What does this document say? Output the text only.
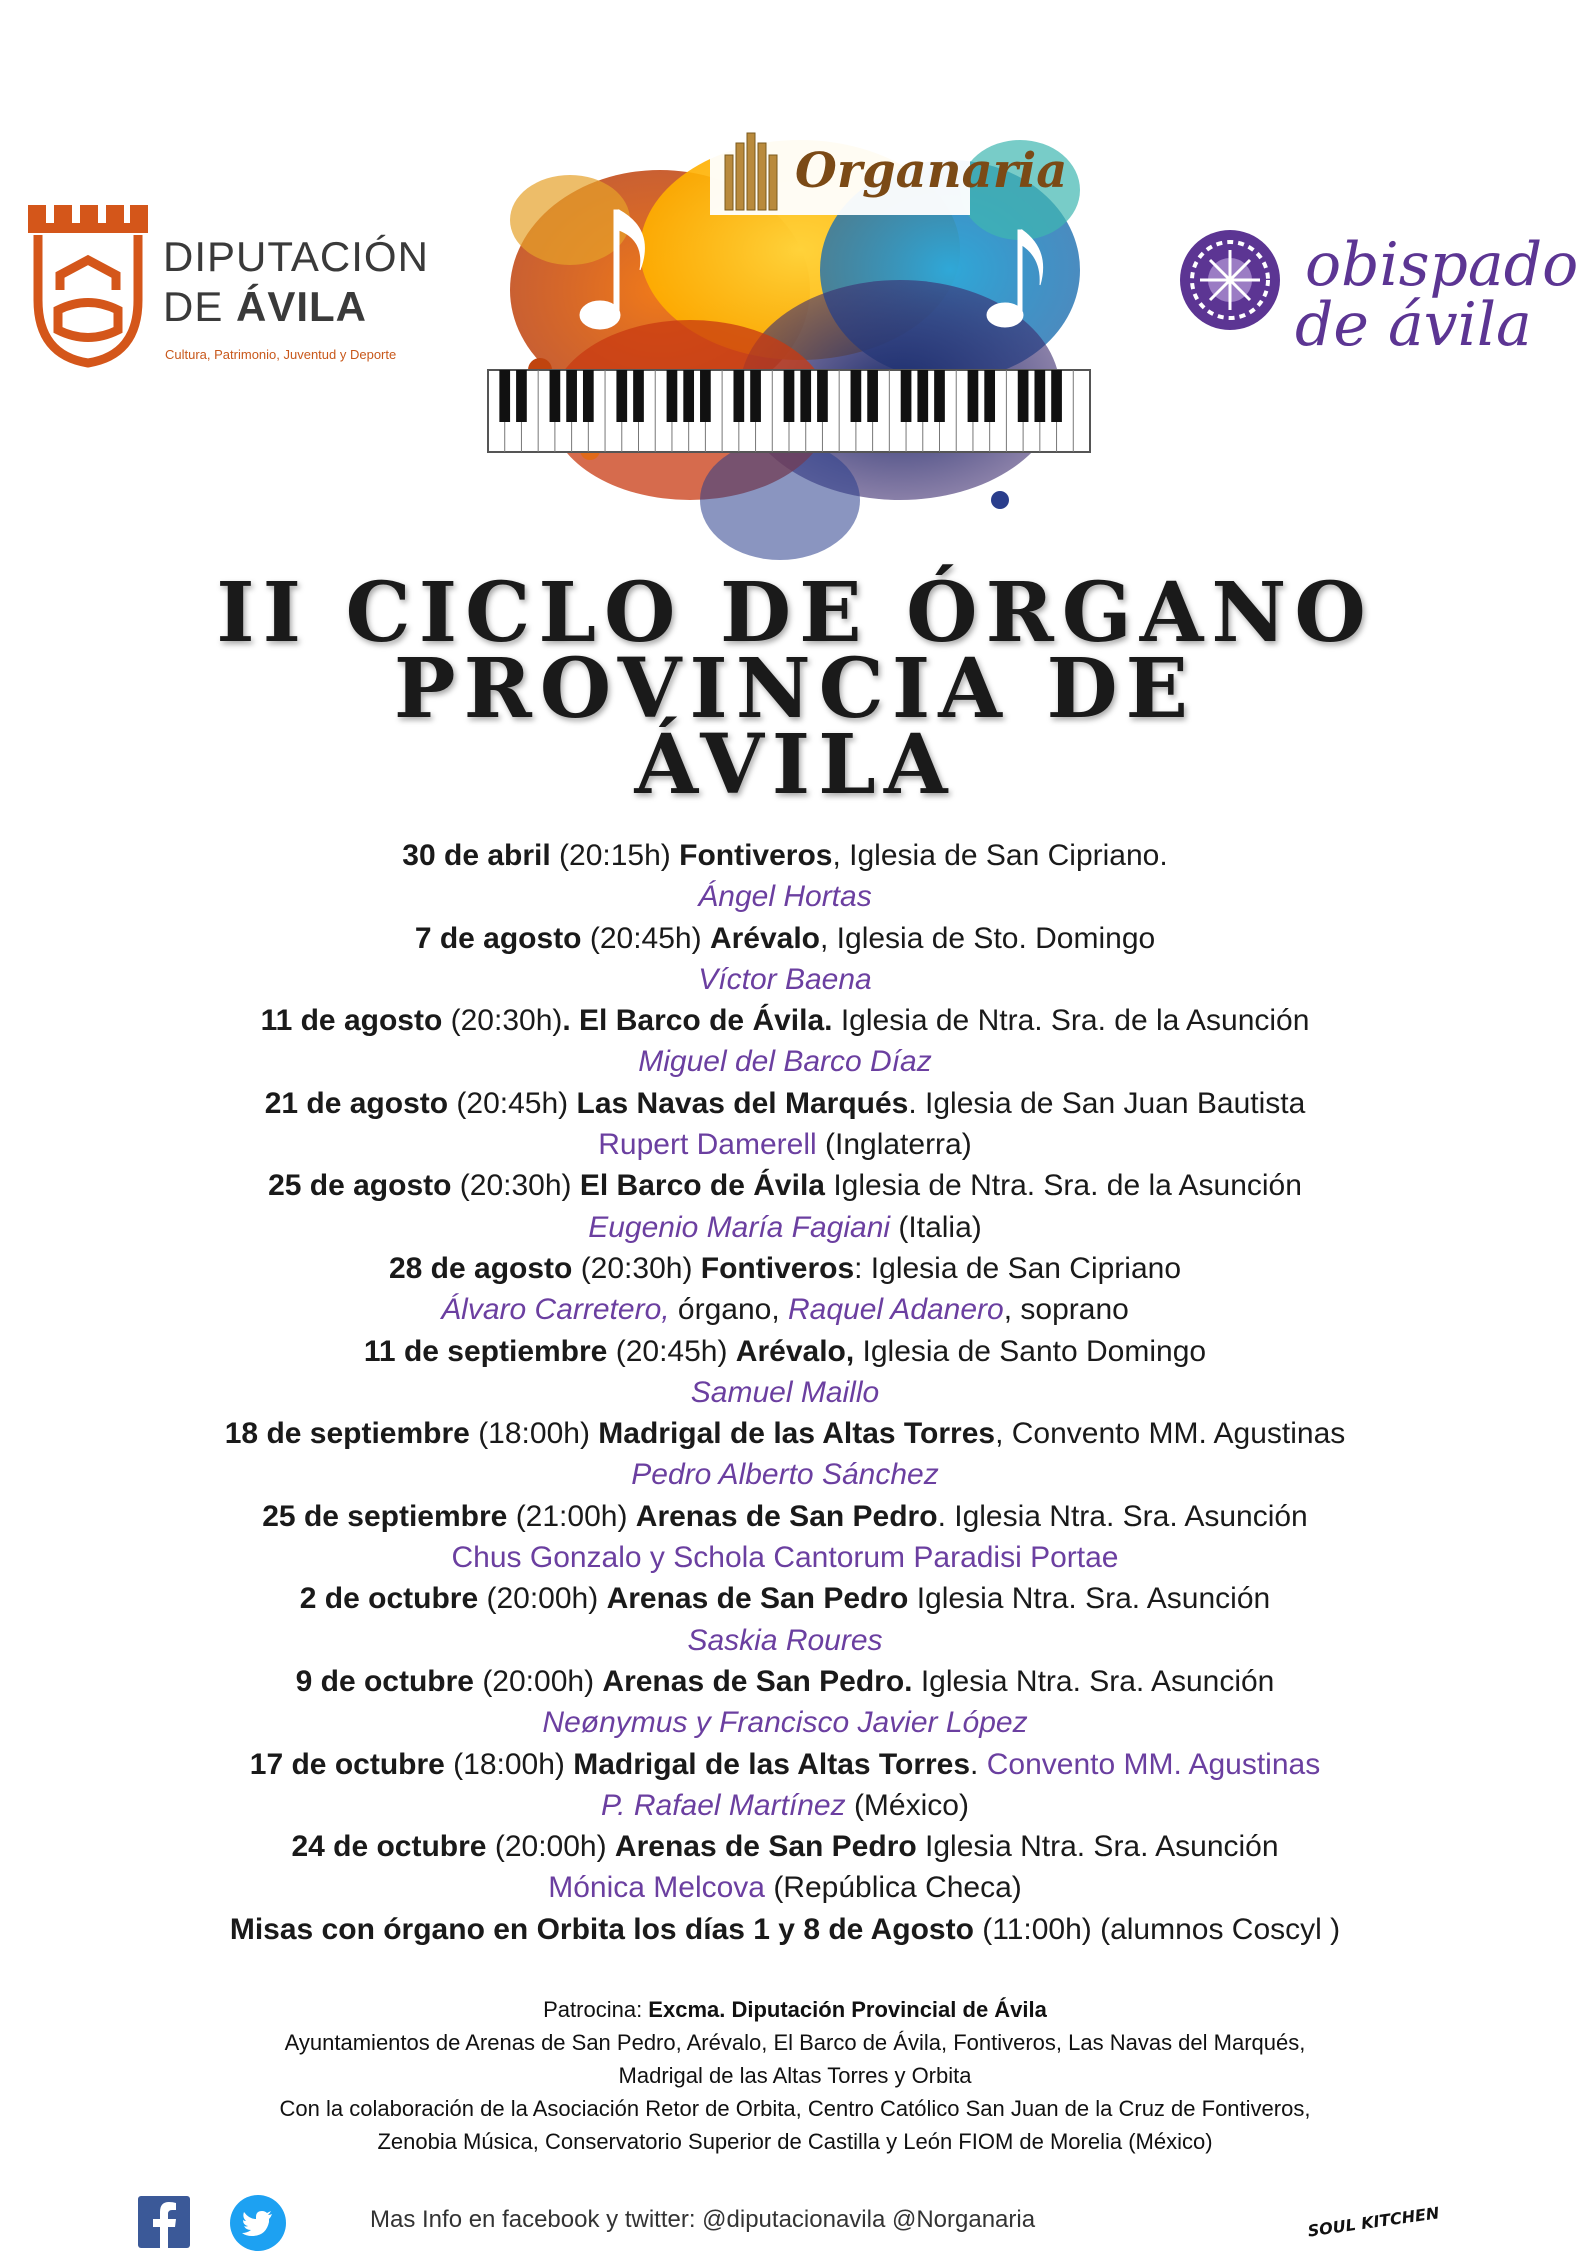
DIPUTACIÓN
DE ÁVILA
Cultura, Patrimonio, Juventud y Deporte
obispado
de ávila
Organaria
II CICLO DE ÓRGANO
PROVINCIA DE
ÁVILA
30 de abril (20:15h) Fontiveros, Iglesia de San Cipriano.
Ángel Hortas
7 de agosto (20:45h) Arévalo, Iglesia de Sto. Domingo
Víctor Baena
11 de agosto (20:30h). El Barco de Ávila. Iglesia de Ntra. Sra. de la Asunción
Miguel del Barco Díaz
21 de agosto (20:45h) Las Navas del Marqués. Iglesia de San Juan Bautista
Rupert Damerell (Inglaterra)
25 de agosto (20:30h) El Barco de Ávila Iglesia de Ntra. Sra. de la Asunción
Eugenio María Fagiani (Italia)
28 de agosto (20:30h) Fontiveros: Iglesia de San Cipriano
Álvaro Carretero, órgano, Raquel Adanero, soprano
11 de septiembre (20:45h) Arévalo, Iglesia de Santo Domingo
Samuel Maillo
18 de septiembre (18:00h) Madrigal de las Altas Torres, Convento MM. Agustinas
Pedro Alberto Sánchez
25 de septiembre (21:00h) Arenas de San Pedro. Iglesia Ntra. Sra. Asunción
Chus Gonzalo y Schola Cantorum Paradisi Portae
2 de octubre (20:00h) Arenas de San Pedro Iglesia Ntra. Sra. Asunción
Saskia Roures
9 de octubre (20:00h) Arenas de San Pedro. Iglesia Ntra. Sra. Asunción
Neønymus y Francisco Javier López
17 de octubre (18:00h) Madrigal de las Altas Torres. Convento MM. Agustinas
P. Rafael Martínez (México)
24 de octubre (20:00h) Arenas de San Pedro Iglesia Ntra. Sra. Asunción
Mónica Melcova (República Checa)
Misas con órgano en Orbita los días 1 y 8 de Agosto (11:00h) (alumnos Coscyl )
Patrocina: Excma. Diputación Provincial de Ávila
Ayuntamientos de Arenas de San Pedro, Arévalo, El Barco de Ávila, Fontiveros, Las Navas del Marqués,
Madrigal de las Altas Torres y Orbita
Con la colaboración de la Asociación Retor de Orbita, Centro Católico San Juan de la Cruz de Fontiveros,
Zenobia Música, Conservatorio Superior de Castilla y León FIOM de Morelia (México)
Mas Info en facebook y twitter: @diputacionavila @Norganaria	SOUL KITCHEN
